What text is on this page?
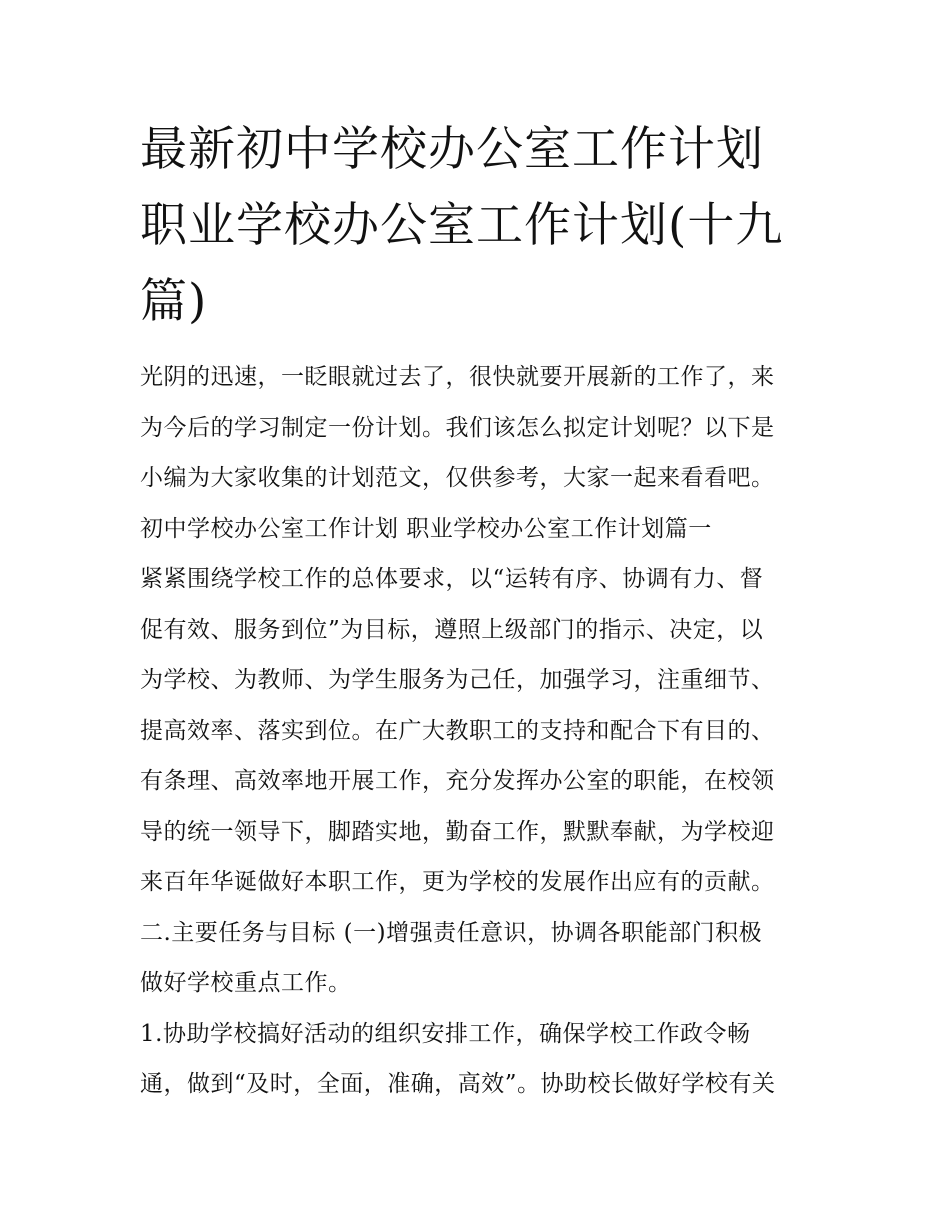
最新初中学校办公室工作计划
职业学校办公室工作计划(十九
篇)
光阴的迅速，一眨眼就过去了，很快就要开展新的工作了，来
为今后的学习制定一份计划。我们该怎么拟定计划呢？以下是
小编为大家收集的计划范文，仅供参考，大家一起来看看吧。
初中学校办公室工作计划 职业学校办公室工作计划篇一
紧紧围绕学校工作的总体要求，以“运转有序、协调有力、督
促有效、服务到位”为目标，遵照上级部门的指示、决定，以
为学校、为教师、为学生服务为己任，加强学习，注重细节、
提高效率、落实到位。在广大教职工的支持和配合下有目的、
有条理、高效率地开展工作，充分发挥办公室的职能，在校领
导的统一领导下，脚踏实地，勤奋工作，默默奉献，为学校迎
来百年华诞做好本职工作，更为学校的发展作出应有的贡献。
二.主要任务与目标 (一)增强责任意识，协调各职能部门积极
做好学校重点工作。
1.协助学校搞好活动的组织安排工作，确保学校工作政令畅
通，做到“及时，全面，准确，高效”。协助校长做好学校有关
